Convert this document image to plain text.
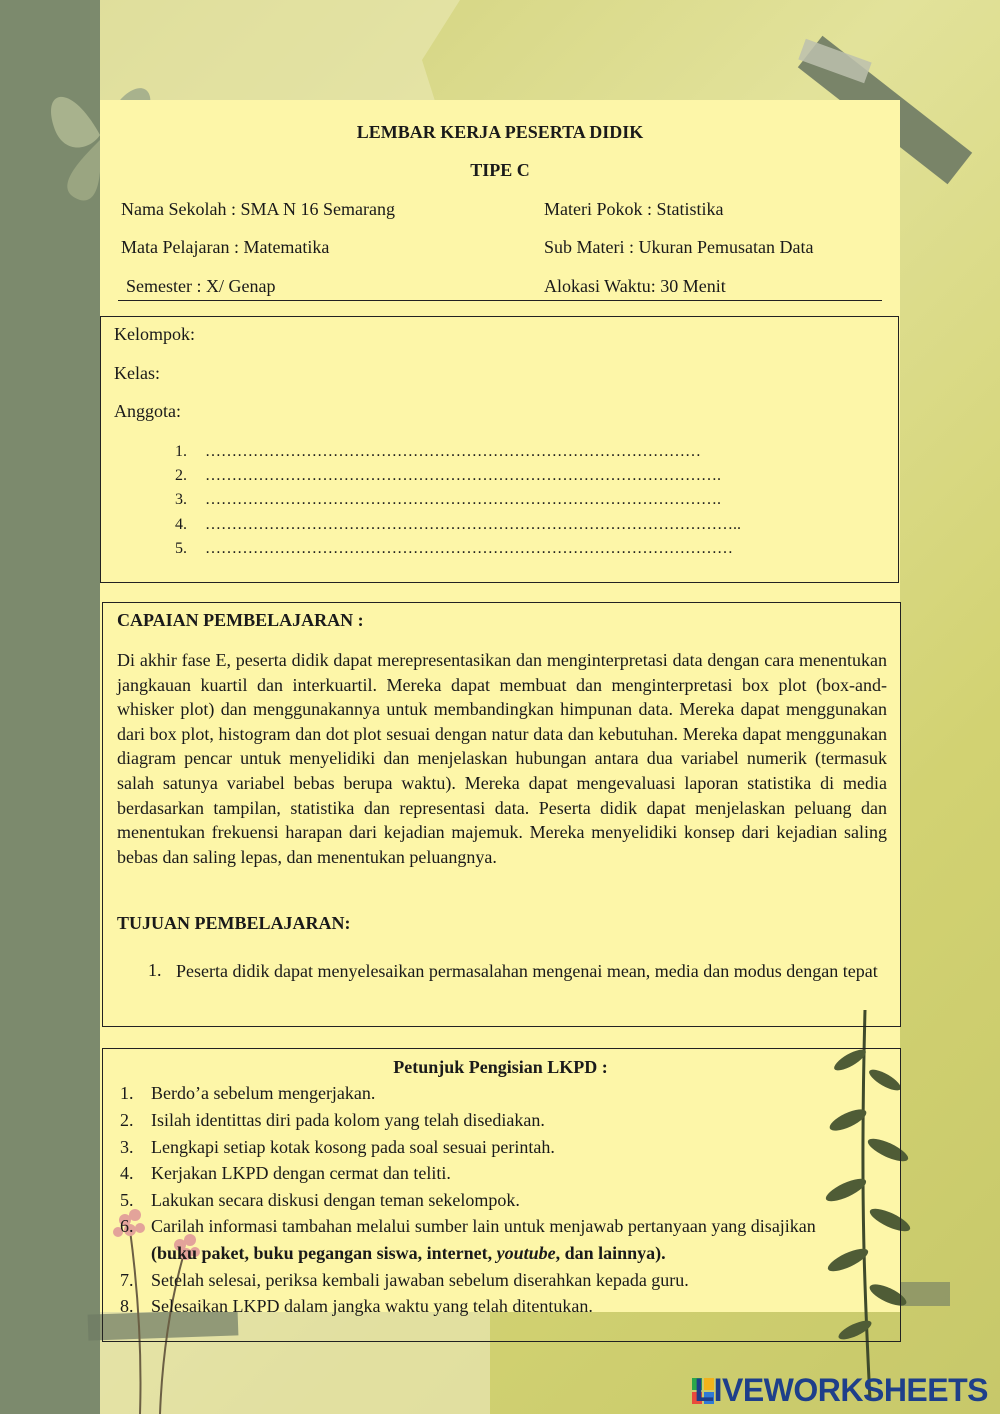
LEMBAR KERJA PESERTA DIDIK
TIPE C
Nama Sekolah : SMA N 16 Semarang
Mata Pelajaran : Matematika
Semester : X/ Genap
Materi Pokok : Statistika
Sub Materi : Ukuran Pemusatan Data
Alokasi Waktu: 30 Menit
Kelompok:
Kelas:
Anggota:
1. …………………………………………………………………………………
2. …………………………………………………………………………………….
3. …………………………………………………………………………………….
4. ………………………………………………………………………………………..
5. ………………………………………………………………………………………
CAPAIAN PEMBELAJARAN :
Di akhir fase E, peserta didik dapat merepresentasikan dan menginterpretasi data dengan cara menentukan jangkauan kuartil dan interkuartil. Mereka dapat membuat dan menginterpretasi box plot (box-and-whisker plot) dan menggunakannya untuk membandingkan himpunan data. Mereka dapat menggunakan dari box plot, histogram dan dot plot sesuai dengan natur data dan kebutuhan. Mereka dapat menggunakan diagram pencar untuk menyelidiki dan menjelaskan hubungan antara dua variabel numerik (termasuk salah satunya variabel bebas berupa waktu). Mereka dapat mengevaluasi laporan statistika di media berdasarkan tampilan, statistika dan representasi data. Peserta didik dapat menjelaskan peluang dan menentukan frekuensi harapan dari kejadian majemuk. Mereka menyelidiki konsep dari kejadian saling bebas dan saling lepas, dan menentukan peluangnya.
TUJUAN PEMBELAJARAN:
1. Peserta didik dapat menyelesaikan permasalahan mengenai mean, media dan modus dengan tepat
Petunjuk Pengisian LKPD :
1. Berdo’a sebelum mengerjakan.
2. Isilah identittas diri pada kolom yang telah disediakan.
3. Lengkapi setiap kotak kosong pada soal sesuai perintah.
4. Kerjakan LKPD dengan cermat dan teliti.
5. Lakukan secara diskusi dengan teman sekelompok.
6. Carilah informasi tambahan melalui sumber lain untuk menjawab pertanyaan yang disajikan
(buku paket, buku pegangan siswa, internet, youtube, dan lainnya).
7. Setelah selesai, periksa kembali jawaban sebelum diserahkan kepada guru.
8. Selesaikan LKPD dalam jangka waktu yang telah ditentukan.
LIVEWORKSHEETS
